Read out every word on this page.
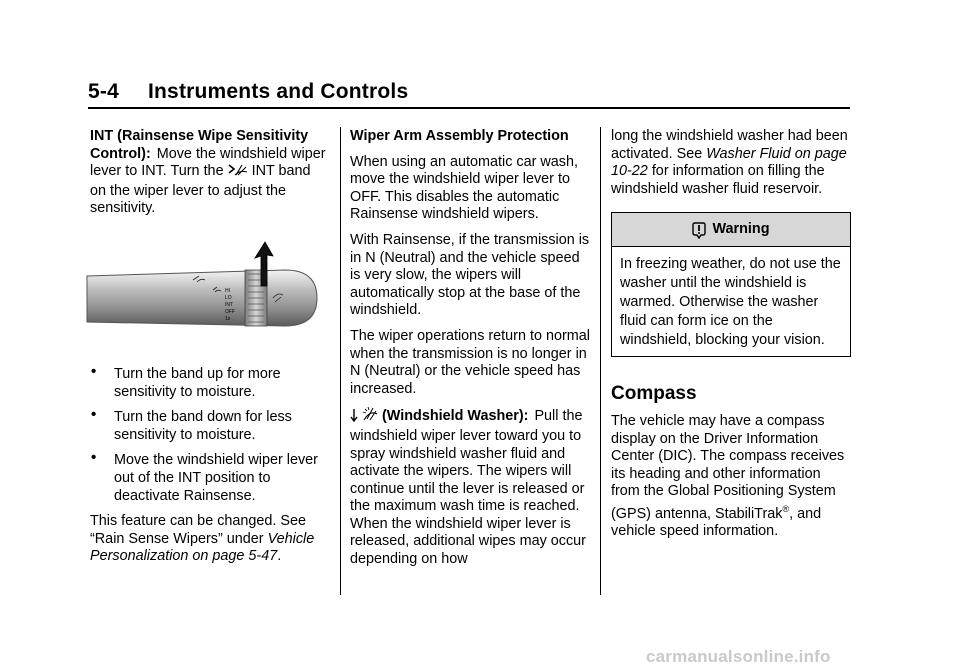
5-4 Instruments and Controls

INT (Rainsense Wipe Sensitivity Control): Move the windshield wiper lever to INT. Turn the INT band on the wiper lever to adjust the sensitivity.

HI
LO
INT
OFF
1x
• Turn the band up for more sensitivity to moisture.
• Turn the band down for less sensitivity to moisture.
• Move the windshield wiper lever out of the INT position to deactivate Rainsense.

This feature can be changed. See “Rain Sense Wipers” under Vehicle Personalization on page 5-47.

Wiper Arm Assembly Protection

When using an automatic car wash, move the windshield wiper lever to OFF. This disables the automatic Rainsense windshield wipers.

With Rainsense, if the transmission is in N (Neutral) and the vehicle speed is very slow, the wipers will automatically stop at the base of the windshield.

The wiper operations return to normal when the transmission is no longer in N (Neutral) or the vehicle speed has increased.

(Windshield Washer): Pull the windshield wiper lever toward you to spray windshield washer fluid and activate the wipers. The wipers will continue until the lever is released or the maximum wash time is reached. When the windshield wiper lever is released, additional wipes may occur depending on how

long the windshield washer had been activated. See Washer Fluid on page 10-22 for information on filling the windshield washer fluid reservoir.

Warning
In freezing weather, do not use the washer until the windshield is warmed. Otherwise the washer fluid can form ice on the windshield, blocking your vision.
Compass

The vehicle may have a compass display on the Driver Information Center (DIC). The compass receives its heading and other information from the Global Positioning System (GPS) antenna, StabiliTrak®, and vehicle speed information.

carmanualsonline.info
